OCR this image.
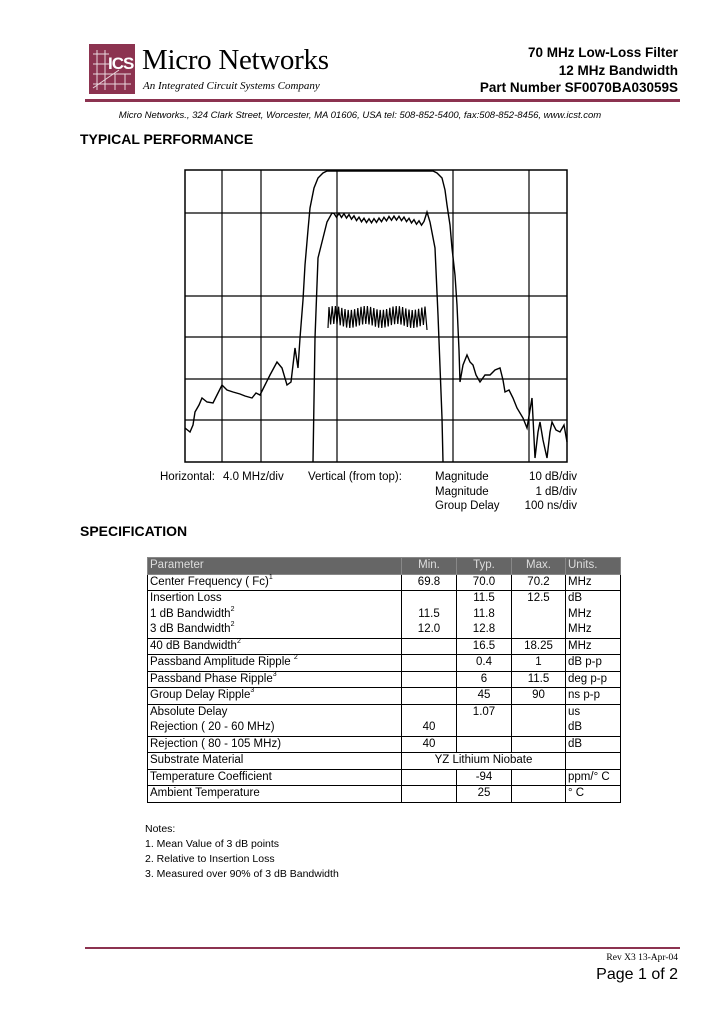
ICS Micro Networks
An Integrated Circuit Systems Company
70 MHz Low-Loss Filter
12 MHz Bandwidth
Part Number SF0070BA03059S
Micro Networks., 324 Clark Street, Worcester, MA 01606, USA tel: 508-852-5400, fax:508-852-8456, www.icst.com
TYPICAL PERFORMANCE
Horizontal: 4.0 MHz/div Vertical (from top):	Magnitude	10 dB/div
Magnitude	1 dB/div
Group Delay 100 ns/div
SPECIFICATION
Parameter	Min.	Typ.	Max.	Units.
Center Frequency ( Fc)$^1$	69.8	70.0	70.2	MHz
Insertion Loss		11.5	12.5	dB
1 dB Bandwidth$^2$	11.5	11.8		MHz
3 dB Bandwidth$^2$	12.0	12.8		MHz
40 dB Bandwidth$^2$		16.5	18.25	MHz
Passband Amplitude Ripple $^2$		0.4	1	dB p-p
Passband Phase Ripple$^3$		6	11.5	deg p-p
Group Delay Ripple$^3$		45	90	ns p-p
Absolute Delay		1.07		us
Rejection ( 20 - 60 MHz)	40			dB
Rejection ( 80 - 105 MHz)	40			dB
Substrate Material	YZ Lithium Niobate			
Temperature Coefficient		-94		ppm/° C
Ambient Temperature		25		° C
Notes:
1. Mean Value of 3 dB points
2. Relative to Insertion Loss
3. Measured over 90% of 3 dB Bandwidth
Rev X3 13-Apr-04
Page 1 of 2
